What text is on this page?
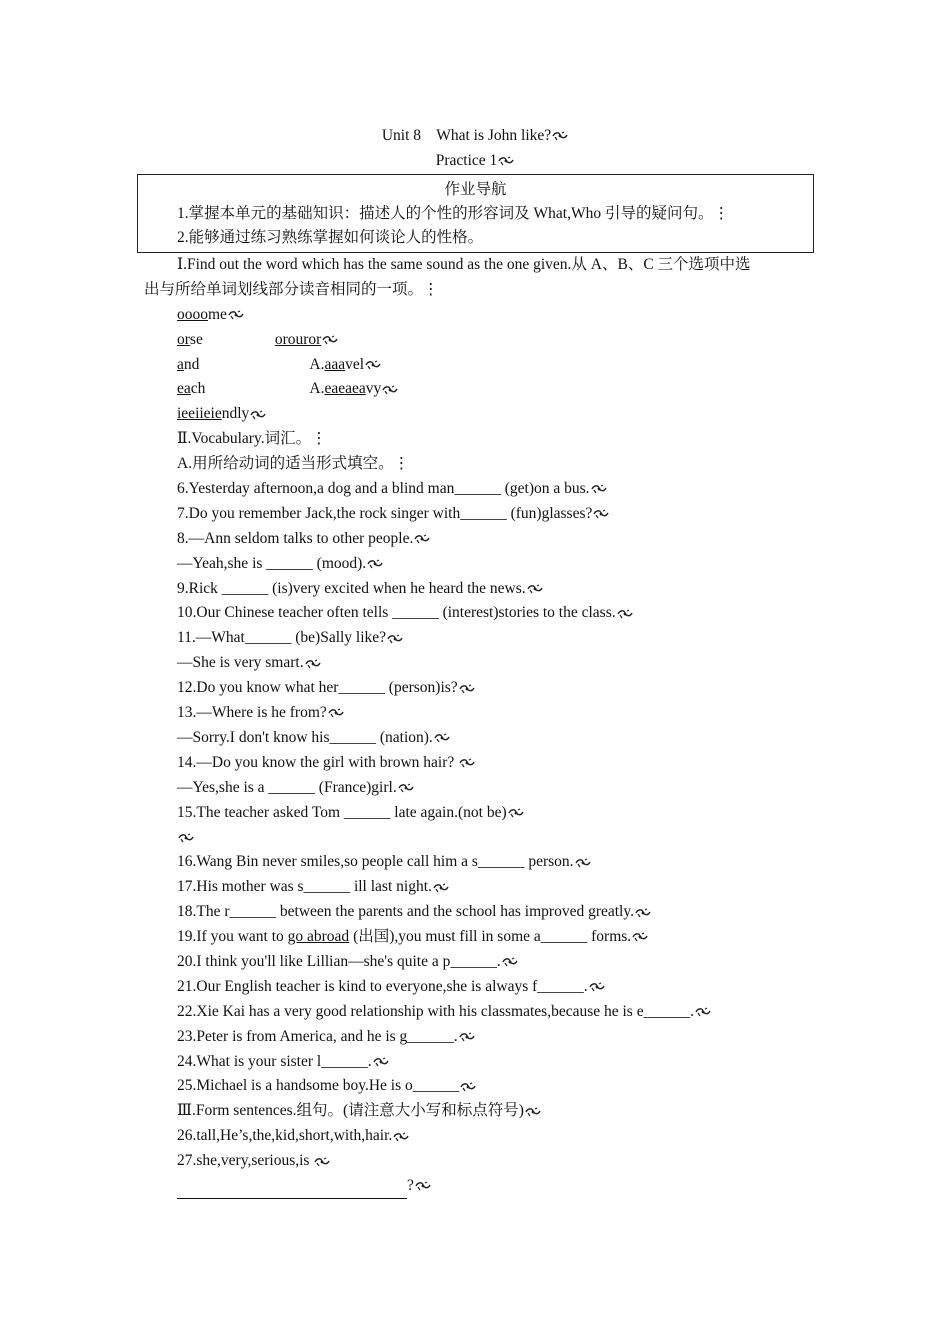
Unit 8    What is John like?
Practice 1
作业导航
1.掌握本单元的基础知识：描述人的个性的形容词及 What,Who 引导的疑问句。⋮
2.能够通过练习熟练掌握如何谈论人的性格。
Ⅰ.Find out the word which has the same sound as the one given.从 A、B、C 三个选项中选
出与所给单词划线部分读音相同的一项。⋮
oooome
orse	orouror
and	A.aaavel
each	A.eaeaeavy
ieeiieiendly
Ⅱ.Vocabulary.词汇。⋮
A.用所给动词的适当形式填空。⋮
6.Yesterday afternoon,a dog and a blind man______ (get)on a bus.
7.Do you remember Jack,the rock singer with______ (fun)glasses?
8.—Ann seldom talks to other people.
—Yeah,she is ______ (mood).
9.Rick ______ (is)very excited when he heard the news.
10.Our Chinese teacher often tells ______ (interest)stories to the class.
11.—What______ (be)Sally like?
—She is very smart.
12.Do you know what her______ (person)is?
13.—Where is he from?
—Sorry.I don't know his______ (nation).
14.—Do you know the girl with brown hair?
—Yes,she is a ______ (France)girl.
15.The teacher asked Tom ______ late again.(not be)
16.Wang Bin never smiles,so people call him a s______ person.
17.His mother was s______ ill last night.
18.The r______ between the parents and the school has improved greatly.
19.If you want to go abroad (出国),you must fill in some a______ forms.
20.I think you'll like Lillian—she's quite a p______.
21.Our English teacher is kind to everyone,she is always f______.
22.Xie Kai has a very good relationship with his classmates,because he is e______.
23.Peter is from America, and he is g______.
24.What is your sister l______.
25.Michael is a handsome boy.He is o______
Ⅲ.Form sentences.组句。(请注意大小写和标点符号)
26.tall,He’s,the,kid,short,with,hair.
27.she,very,serious,is
?
